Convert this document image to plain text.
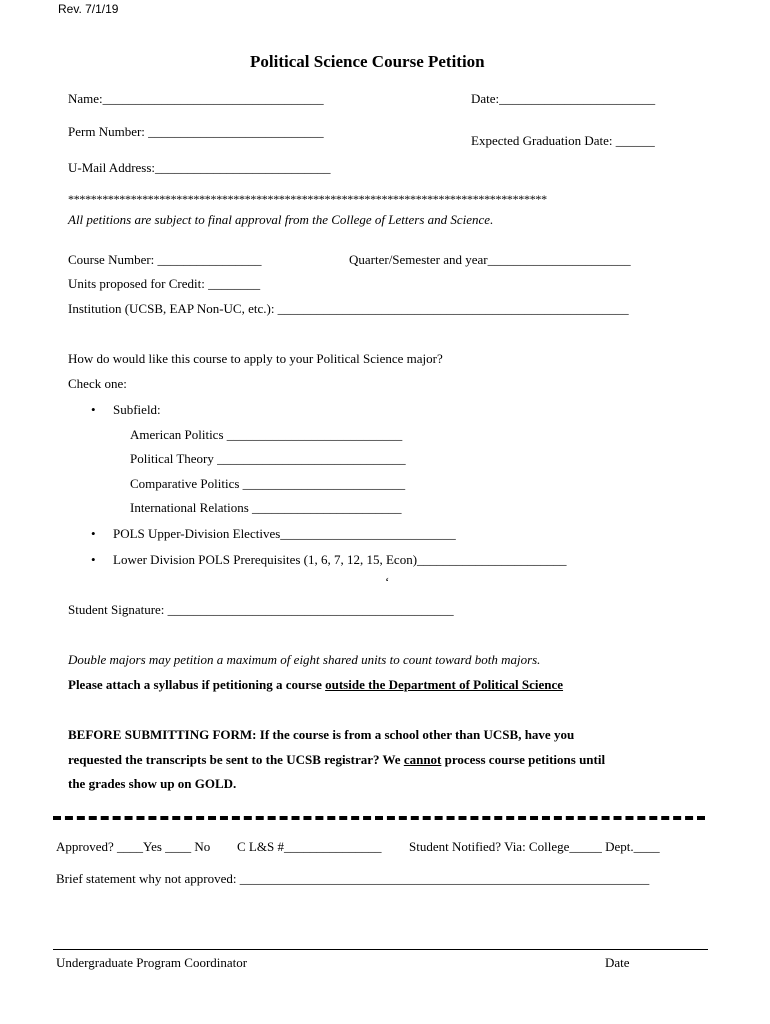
Rev. 7/1/19
Political Science Course Petition
Name:__________________________________	Date:________________________
Perm Number: ___________________________
Expected Graduation Date: ______
U-Mail Address:___________________________
************************************************************************************
All petitions are subject to final approval from the College of Letters and Science.
Course Number: ________________	Quarter/Semester and year______________________
Units proposed for Credit: ________
Institution (UCSB, EAP Non-UC, etc.): ______________________________________________________
How do would like this course to apply to your Political Science major?
Check one:
• Subfield:
American Politics ___________________________
Political Theory _____________________________
Comparative Politics _________________________
International Relations _______________________
• POLS Upper-Division Electives___________________________
• Lower Division POLS Prerequisites (1, 6, 7, 12, 15, Econ)_______________________
‘
Student Signature: ____________________________________________
Double majors may petition a maximum of eight shared units to count toward both majors.
Please attach a syllabus if petitioning a course outside the Department of Political Science
BEFORE SUBMITTING FORM: If the course is from a school other than UCSB, have you
requested the transcripts be sent to the UCSB registrar? We cannot process course petitions until
the grades show up on GOLD.
Approved? ____Yes ____ No C L&S #_______________ Student Notified? Via: College_____ Dept.____
Brief statement why not approved: _______________________________________________________________
Undergraduate Program Coordinator	Date
